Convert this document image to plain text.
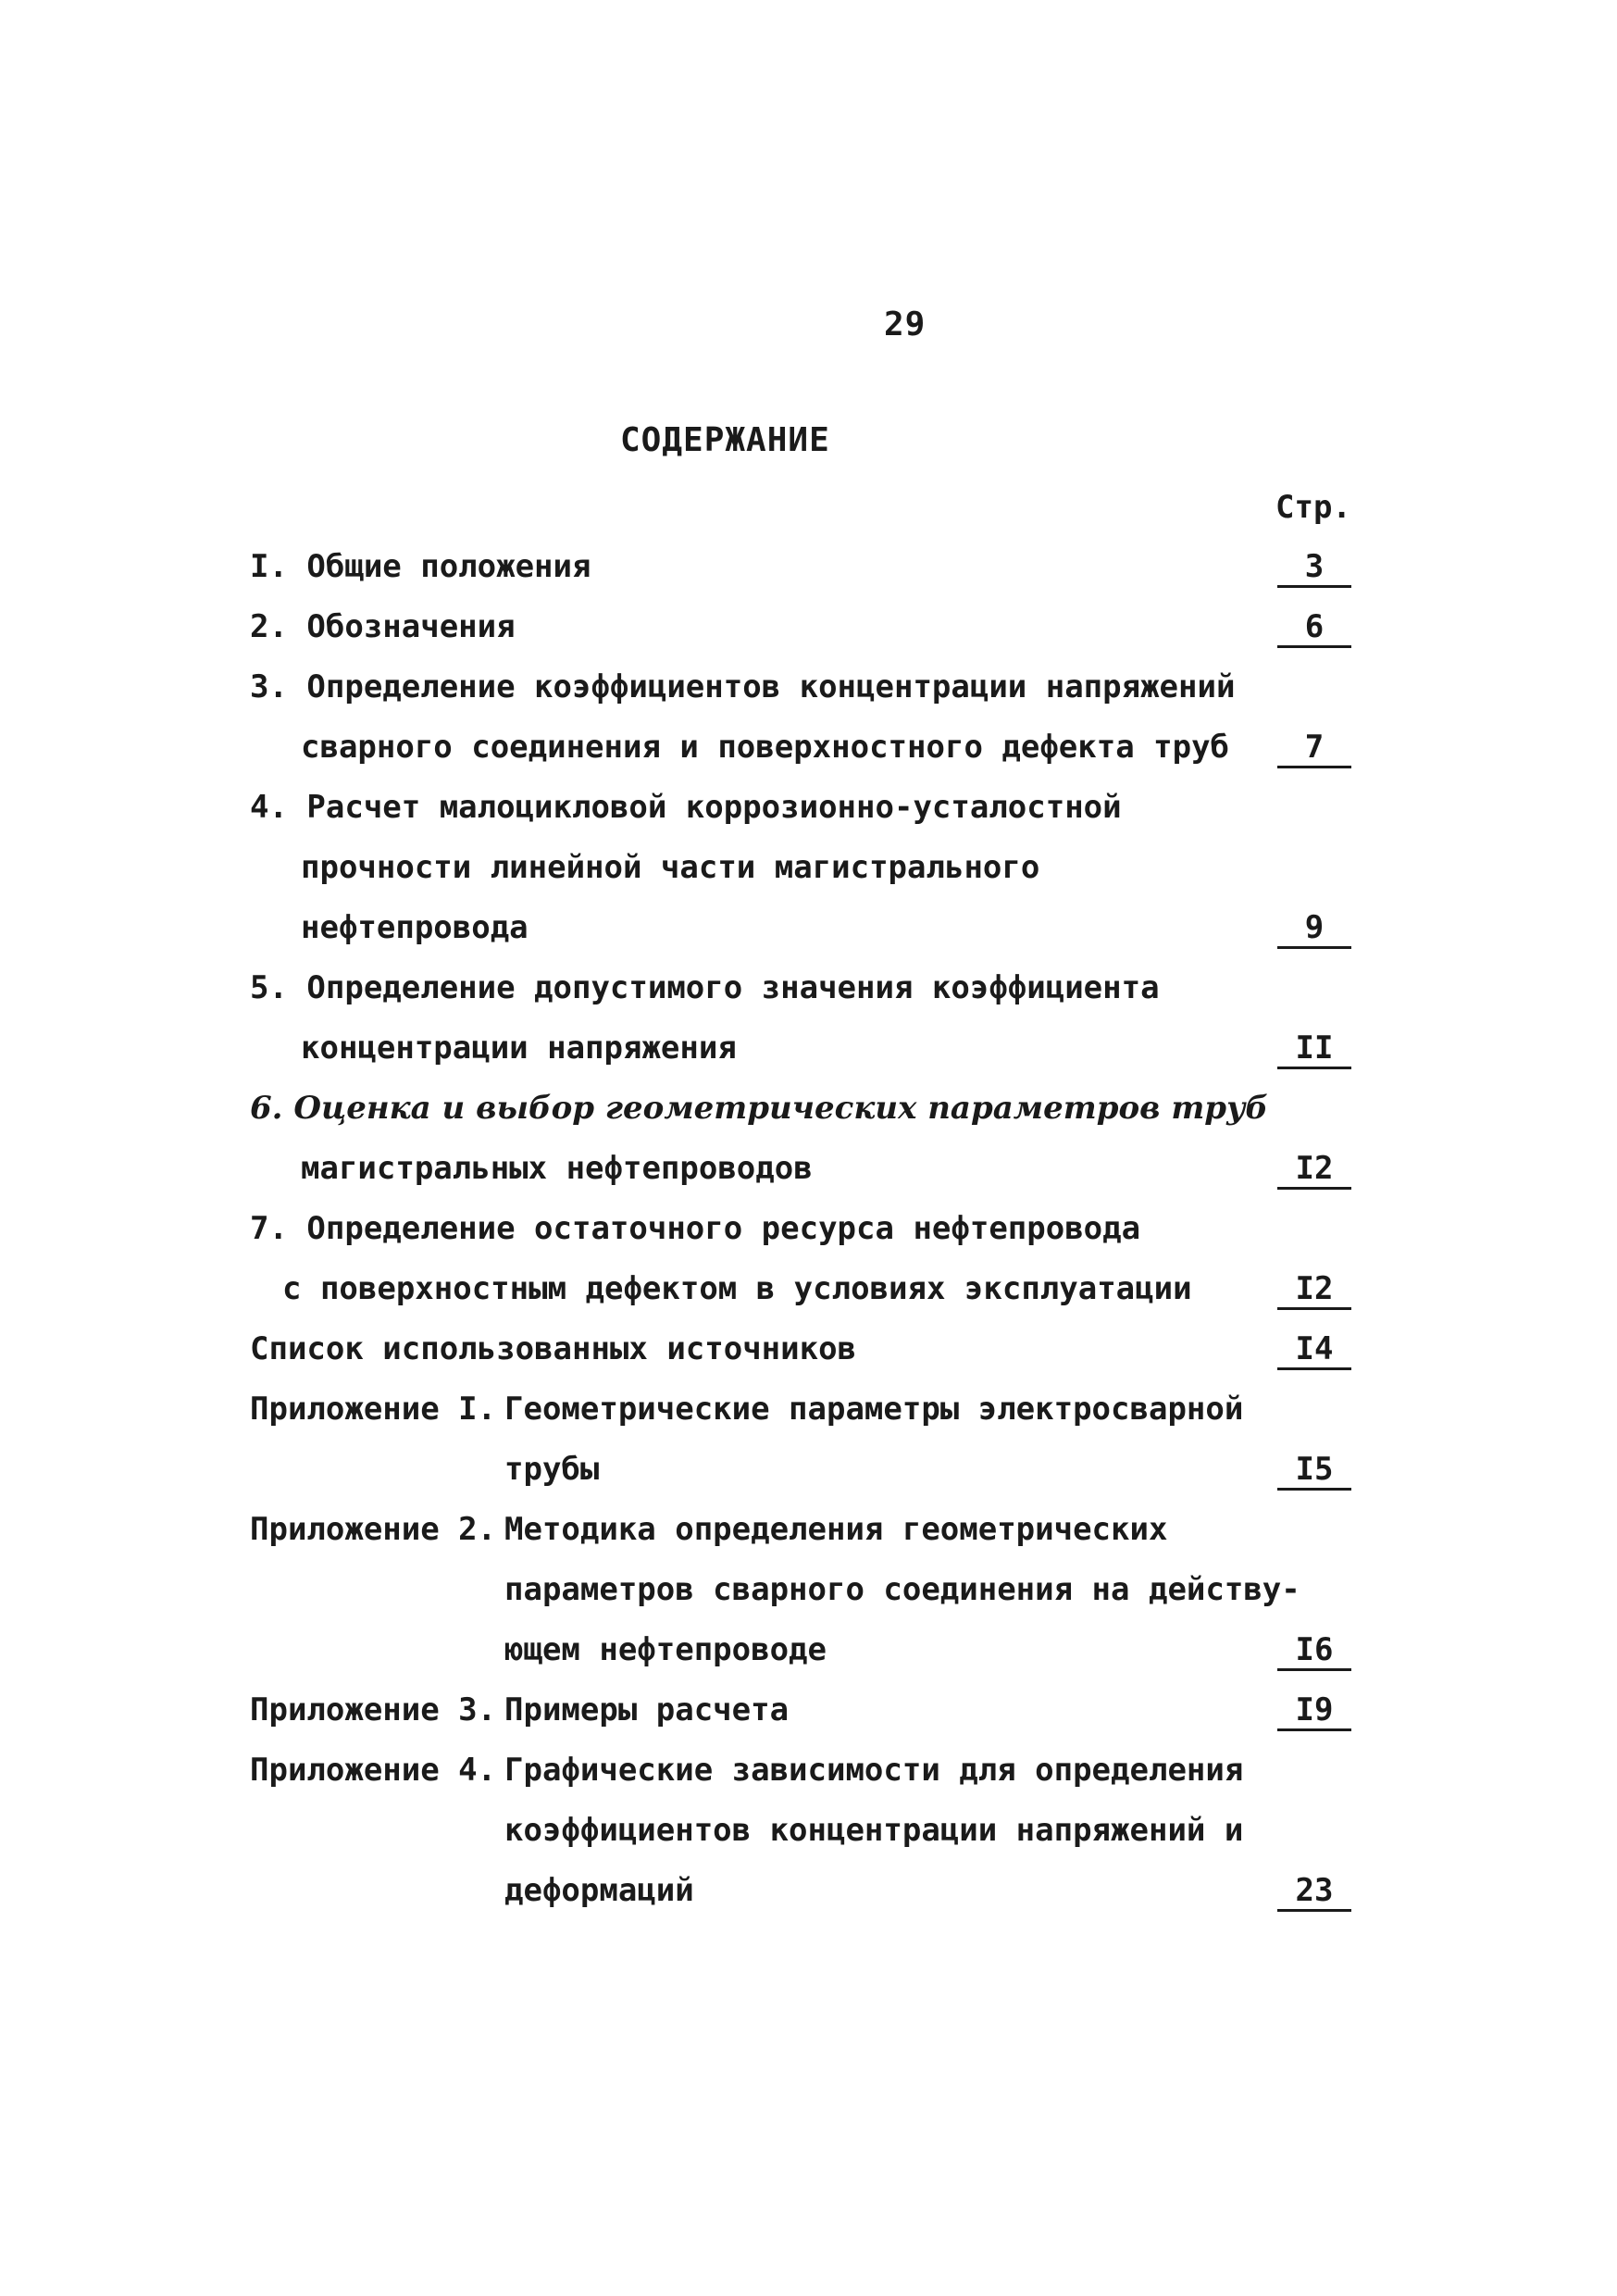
29
СОДЕРЖАНИЕ
Стр.
I. Общие положения	3
2. Обозначения	6
3. Определение коэффициентов концентрации напряжений
сварного соединения и поверхностного дефекта труб	7
4. Расчет малоцикловой коррозионно-усталостной
прочности линейной части магистрального
нефтепровода	9
5. Определение допустимого значения коэффициента
концентрации напряжения	II
6. Оценка и выбор геометрических параметров труб
магистральных нефтепроводов	I2
7. Определение остаточного ресурса нефтепровода
с поверхностным дефектом в условиях эксплуатации	I2
Список использованных источников	I4
Приложение I. Геометрические параметры электросварной
трубы	I5
Приложение 2. Методика определения геометрических
параметров сварного соединения на действу-
ющем нефтепроводе	I6
Приложение 3. Примеры расчета	I9
Приложение 4. Графические зависимости для определения
коэффициентов концентрации напряжений и
деформаций	23
